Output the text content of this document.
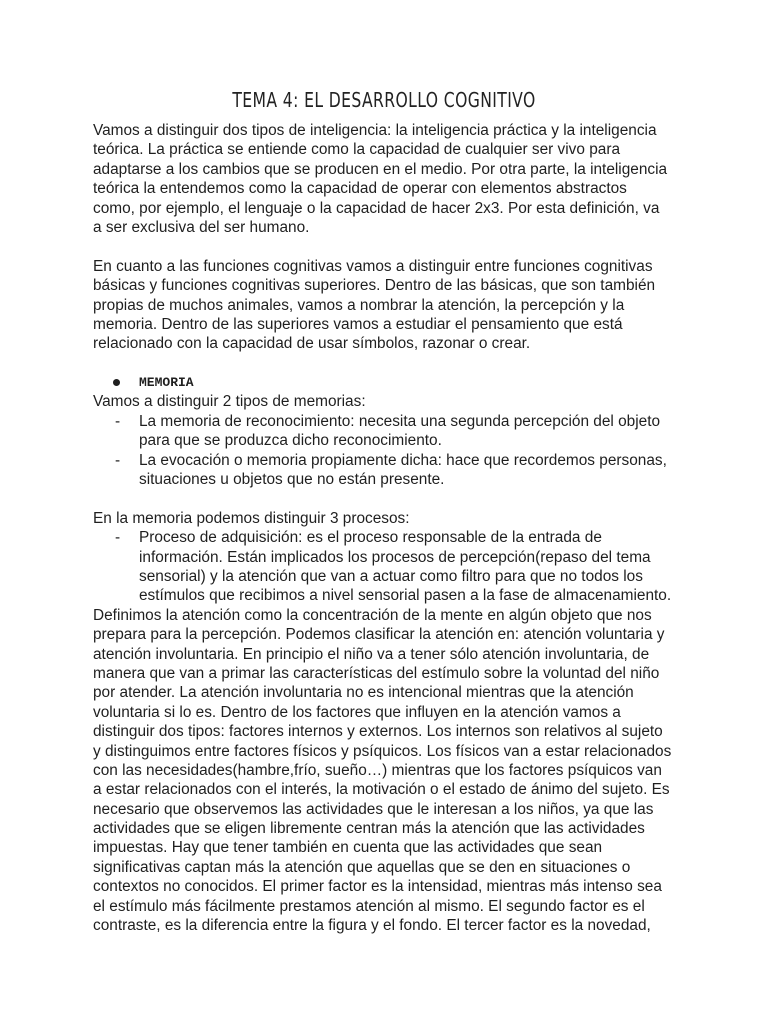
TEMA 4: EL DESARROLLO COGNITIVO
Vamos a distinguir dos tipos de inteligencia: la inteligencia práctica y la inteligencia
teórica. La práctica se entiende como la capacidad de cualquier ser vivo para
adaptarse a los cambios que se producen en el medio. Por otra parte, la inteligencia
teórica la entendemos como la capacidad de operar con elementos abstractos
como, por ejemplo, el lenguaje o la capacidad de hacer 2x3. Por esta definición, va
a ser exclusiva del ser humano.
En cuanto a las funciones cognitivas vamos a distinguir entre funciones cognitivas
básicas y funciones cognitivas superiores. Dentro de las básicas, que son también
propias de muchos animales, vamos a nombrar la atención, la percepción y la
memoria. Dentro de las superiores vamos a estudiar el pensamiento que está
relacionado con la capacidad de usar símbolos, razonar o crear.
MEMORIA
Vamos a distinguir 2 tipos de memorias:
- La memoria de reconocimiento: necesita una segunda percepción del objeto
para que se produzca dicho reconocimiento.
- La evocación o memoria propiamente dicha: hace que recordemos personas,
situaciones u objetos que no están presente.
En la memoria podemos distinguir 3 procesos:
- Proceso de adquisición: es el proceso responsable de la entrada de
información. Están implicados los procesos de percepción(repaso del tema
sensorial) y la atención que van a actuar como filtro para que no todos los
estímulos que recibimos a nivel sensorial pasen a la fase de almacenamiento.
Definimos la atención como la concentración de la mente en algún objeto que nos
prepara para la percepción. Podemos clasificar la atención en: atención voluntaria y
atención involuntaria. En principio el niño va a tener sólo atención involuntaria, de
manera que van a primar las características del estímulo sobre la voluntad del niño
por atender. La atención involuntaria no es intencional mientras que la atención
voluntaria si lo es. Dentro de los factores que influyen en la atención vamos a
distinguir dos tipos: factores internos y externos. Los internos son relativos al sujeto
y distinguimos entre factores físicos y psíquicos. Los físicos van a estar relacionados
con las necesidades(hambre,frío, sueño…) mientras que los factores psíquicos van
a estar relacionados con el interés, la motivación o el estado de ánimo del sujeto. Es
necesario que observemos las actividades que le interesan a los niños, ya que las
actividades que se eligen libremente centran más la atención que las actividades
impuestas. Hay que tener también en cuenta que las actividades que sean
significativas captan más la atención que aquellas que se den en situaciones o
contextos no conocidos. El primer factor es la intensidad, mientras más intenso sea
el estímulo más fácilmente prestamos atención al mismo. El segundo factor es el
contraste, es la diferencia entre la figura y el fondo. El tercer factor es la novedad,
